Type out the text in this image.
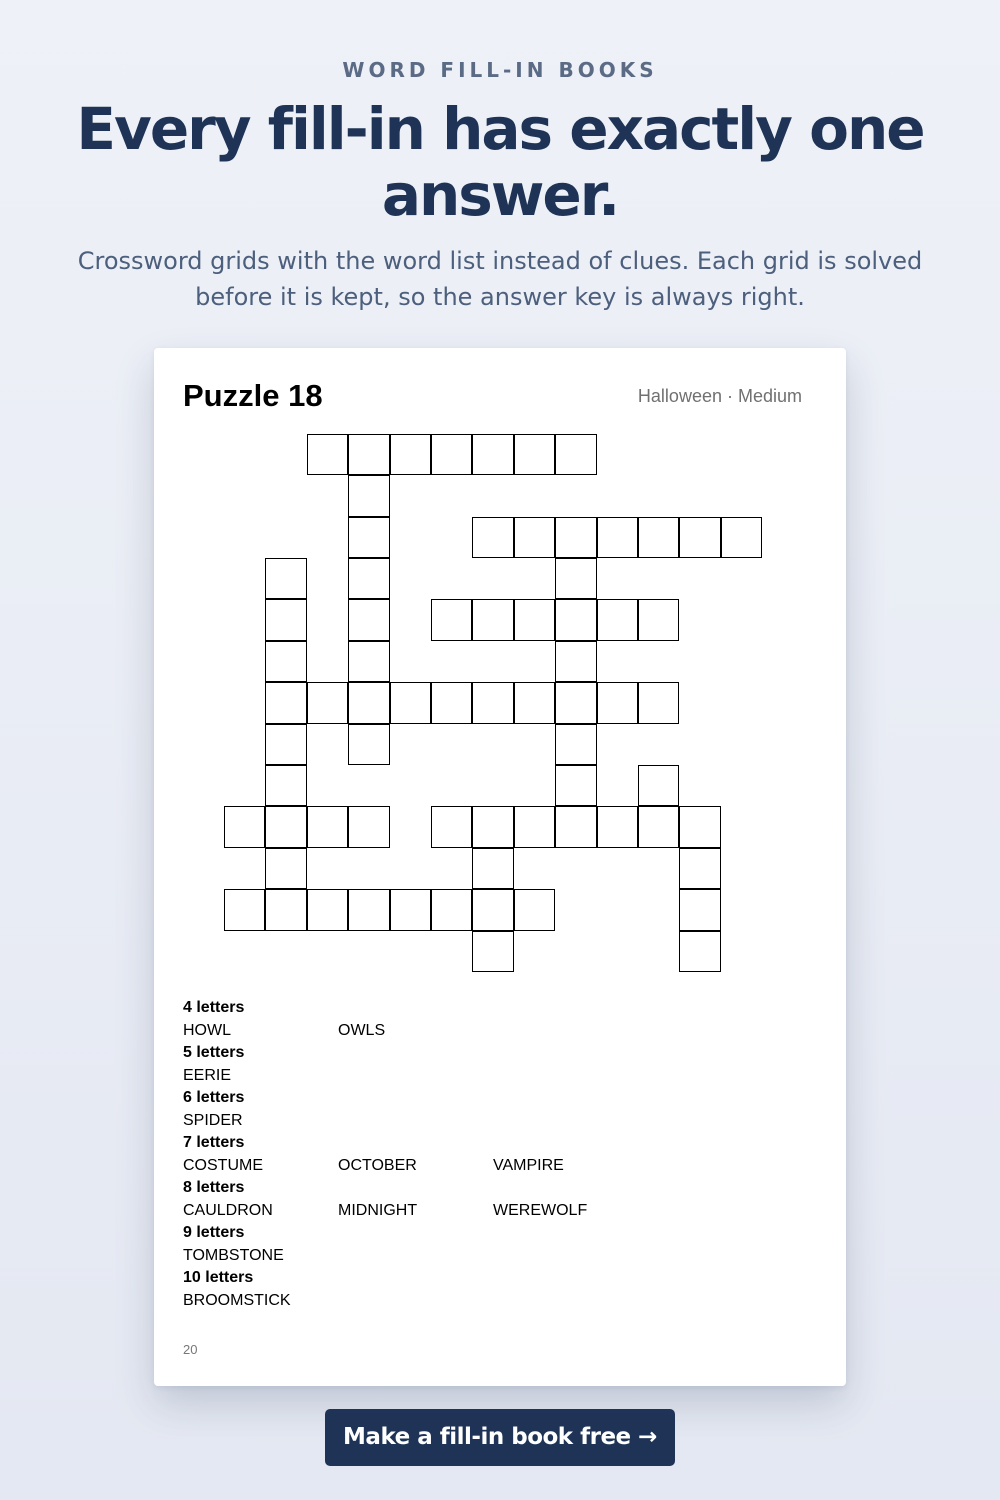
WORD FILL-IN BOOKS
Every fill-in has exactly one answer.

Crossword grids with the word list instead of clues. Each grid is solved before it is kept, so the answer key is always right.

Puzzle 18	Halloween · Medium
4 letters
HOWL	OWLS
5 letters
EERIE
6 letters
SPIDER
7 letters
COSTUME	OCTOBER	VAMPIRE
8 letters
CAULDRON	MIDNIGHT	WEREWOLF
9 letters
TOMBSTONE
10 letters
BROOMSTICK
20
Make a fill-in book free →
